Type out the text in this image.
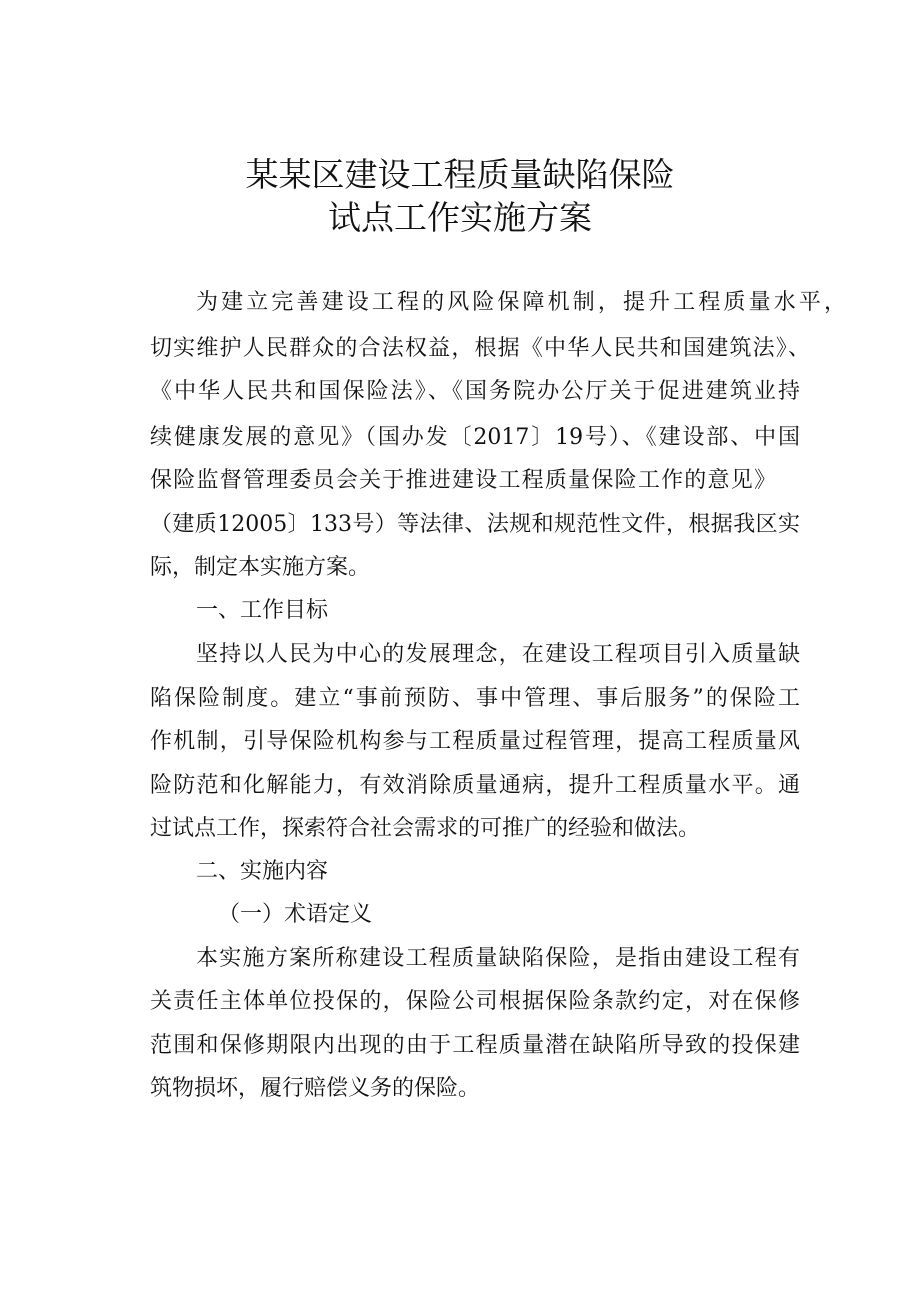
某某区建设工程质量缺陷保险
试点工作实施方案

为建立完善建设工程的风险保障机制，提升工程质量水平，

切实维护人民群众的合法权益，根据《中华人民共和国建筑法》、

《中华人民共和国保险法》、《国务院办公厅关于促进建筑业持

续健康发展的意见》（国办发〔2017〕19号）、《建设部、中国

保险监督管理委员会关于推进建设工程质量保险工作的意见》

（建质12005〕133号）等法律、法规和规范性文件，根据我区实

际，制定本实施方案。

一、工作目标

坚持以人民为中心的发展理念，在建设工程项目引入质量缺

陷保险制度。建立“事前预防、事中管理、事后服务”的保险工

作机制，引导保险机构参与工程质量过程管理，提高工程质量风

险防范和化解能力，有效消除质量通病，提升工程质量水平。通

过试点工作，探索符合社会需求的可推广的经验和做法。

二、实施内容

（一）术语定义

本实施方案所称建设工程质量缺陷保险，是指由建设工程有

关责任主体单位投保的，保险公司根据保险条款约定，对在保修

范围和保修期限内出现的由于工程质量潜在缺陷所导致的投保建

筑物损坏，履行赔偿义务的保险。
